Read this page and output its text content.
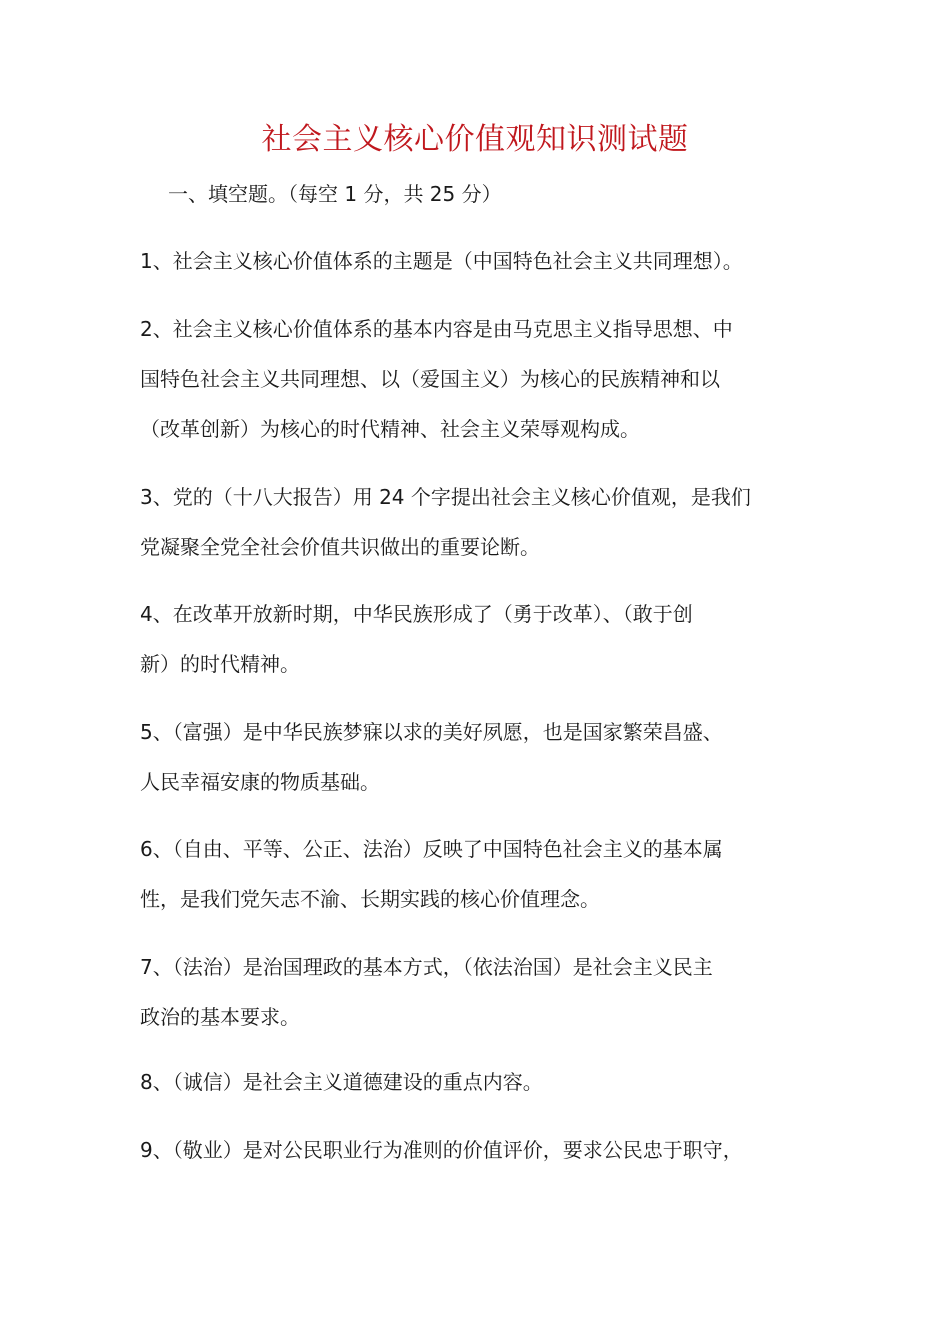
社会主义核心价值观知识测试题
一、填空题。（每空 1 分，共 25 分）
1、社会主义核心价值体系的主题是（中国特色社会主义共同理想）。
2、社会主义核心价值体系的基本内容是由马克思主义指导思想、中
国特色社会主义共同理想、以（爱国主义）为核心的民族精神和以
（改革创新）为核心的时代精神、社会主义荣辱观构成。
3、党的（十八大报告）用 24 个字提出社会主义核心价值观，是我们
党凝聚全党全社会价值共识做出的重要论断。
4、在改革开放新时期，中华民族形成了（勇于改革）、（敢于创
新）的时代精神。
5、（富强）是中华民族梦寐以求的美好夙愿，也是国家繁荣昌盛、
人民幸福安康的物质基础。
6、（自由、平等、公正、法治）反映了中国特色社会主义的基本属
性，是我们党矢志不渝、长期实践的核心价值理念。
7、（法治）是治国理政的基本方式，（依法治国）是社会主义民主
政治的基本要求。
8、（诚信）是社会主义道德建设的重点内容。
9、（敬业）是对公民职业行为准则的价值评价，要求公民忠于职守，
